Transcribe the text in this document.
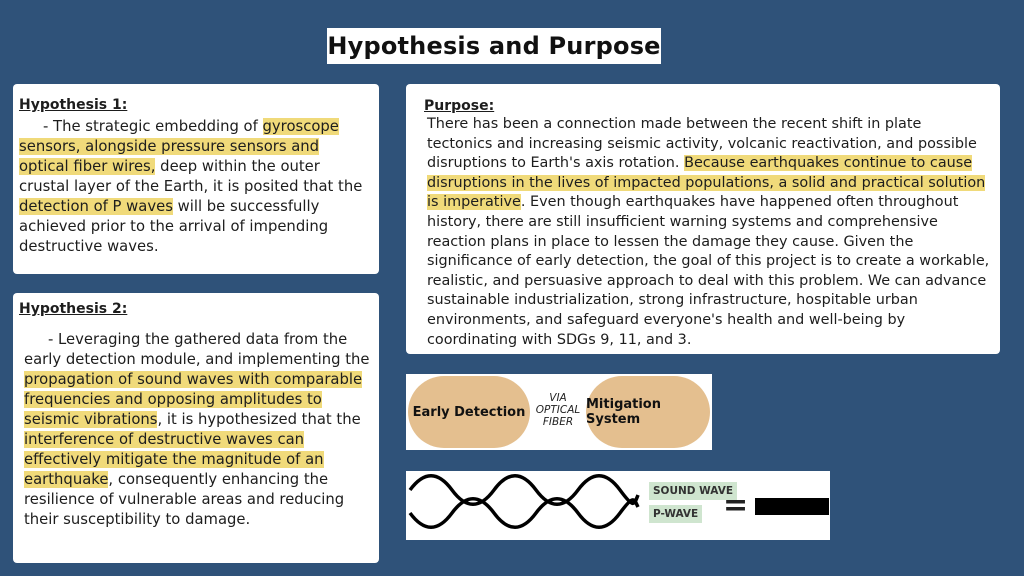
Hypothesis and Purpose

Hypothesis 1:

- The strategic embedding of gyroscope sensors, alongside pressure sensors and optical fiber wires, deep within the outer crustal layer of the Earth, it is posited that the detection of P waves will be successfully achieved prior to the arrival of impending destructive waves.

Hypothesis 2:

- Leveraging the gathered data from the early detection module, and implementing the propagation of sound waves with comparable frequencies and opposing amplitudes to seismic vibrations, it is hypothesized that the interference of destructive waves can effectively mitigate the magnitude of an earthquake, consequently enhancing the resilience of vulnerable areas and reducing their susceptibility to damage.

Purpose:

There has been a connection made between the recent shift in plate tectonics and increasing seismic activity, volcanic reactivation, and possible disruptions to Earth's axis rotation. Because earthquakes continue to cause disruptions in the lives of impacted populations, a solid and practical solution is imperative. Even though earthquakes have happened often throughout history, there are still insufficient warning systems and comprehensive reaction plans in place to lessen the damage they cause. Given the significance of early detection, the goal of this project is to create a workable, realistic, and persuasive approach to deal with this problem. We can advance sustainable industrialization, strong infrastructure, hospitable urban environments, and safeguard everyone's health and well-being by coordinating with SDGs 9, 11, and 3.

Early Detection
VIA OPTICAL FIBER
Mitigation System
SOUND WAVE
P-WAVE =
